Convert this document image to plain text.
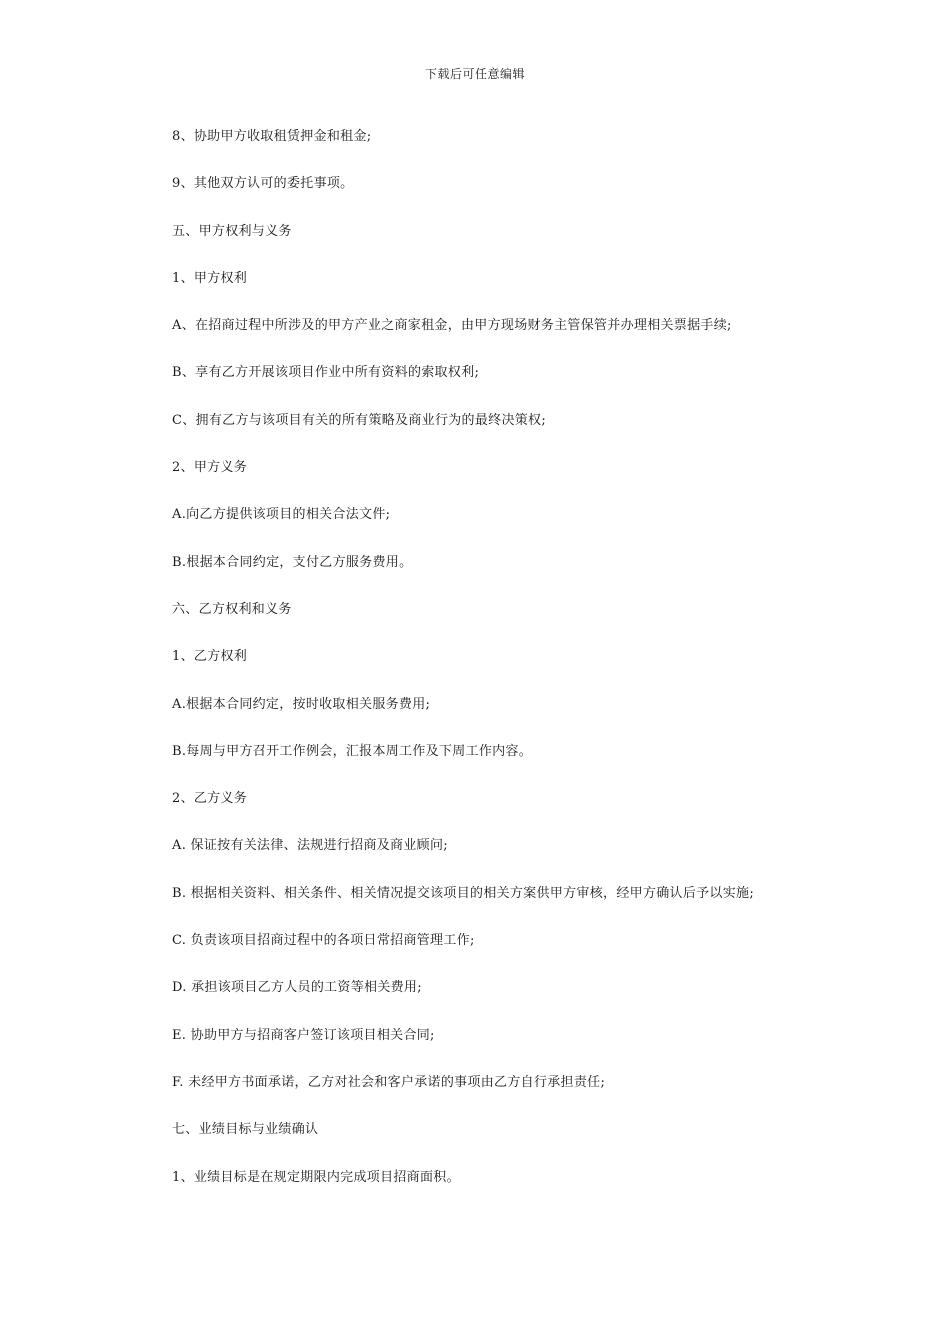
下载后可任意编辑
8、协助甲方收取租赁押金和租金;
9、其他双方认可的委托事项。
五、甲方权利与义务
1、甲方权利
A、在招商过程中所涉及的甲方产业之商家租金，由甲方现场财务主管保管并办理相关票据手续;
B、享有乙方开展该项目作业中所有资料的索取权利;
C、拥有乙方与该项目有关的所有策略及商业行为的最终决策权;
2、甲方义务
A.向乙方提供该项目的相关合法文件;
B.根据本合同约定，支付乙方服务费用。
六、乙方权利和义务
1、乙方权利
A.根据本合同约定，按时收取相关服务费用;
B.每周与甲方召开工作例会，汇报本周工作及下周工作内容。
2、乙方义务
A. 保证按有关法律、法规进行招商及商业顾问;
B. 根据相关资料、相关条件、相关情况提交该项目的相关方案供甲方审核，经甲方确认后予以实施;
C. 负责该项目招商过程中的各项日常招商管理工作;
D. 承担该项目乙方人员的工资等相关费用;
E. 协助甲方与招商客户签订该项目相关合同;
F. 未经甲方书面承诺，乙方对社会和客户承诺的事项由乙方自行承担责任;
七、业绩目标与业绩确认
1、业绩目标是在规定期限内完成项目招商面积。
